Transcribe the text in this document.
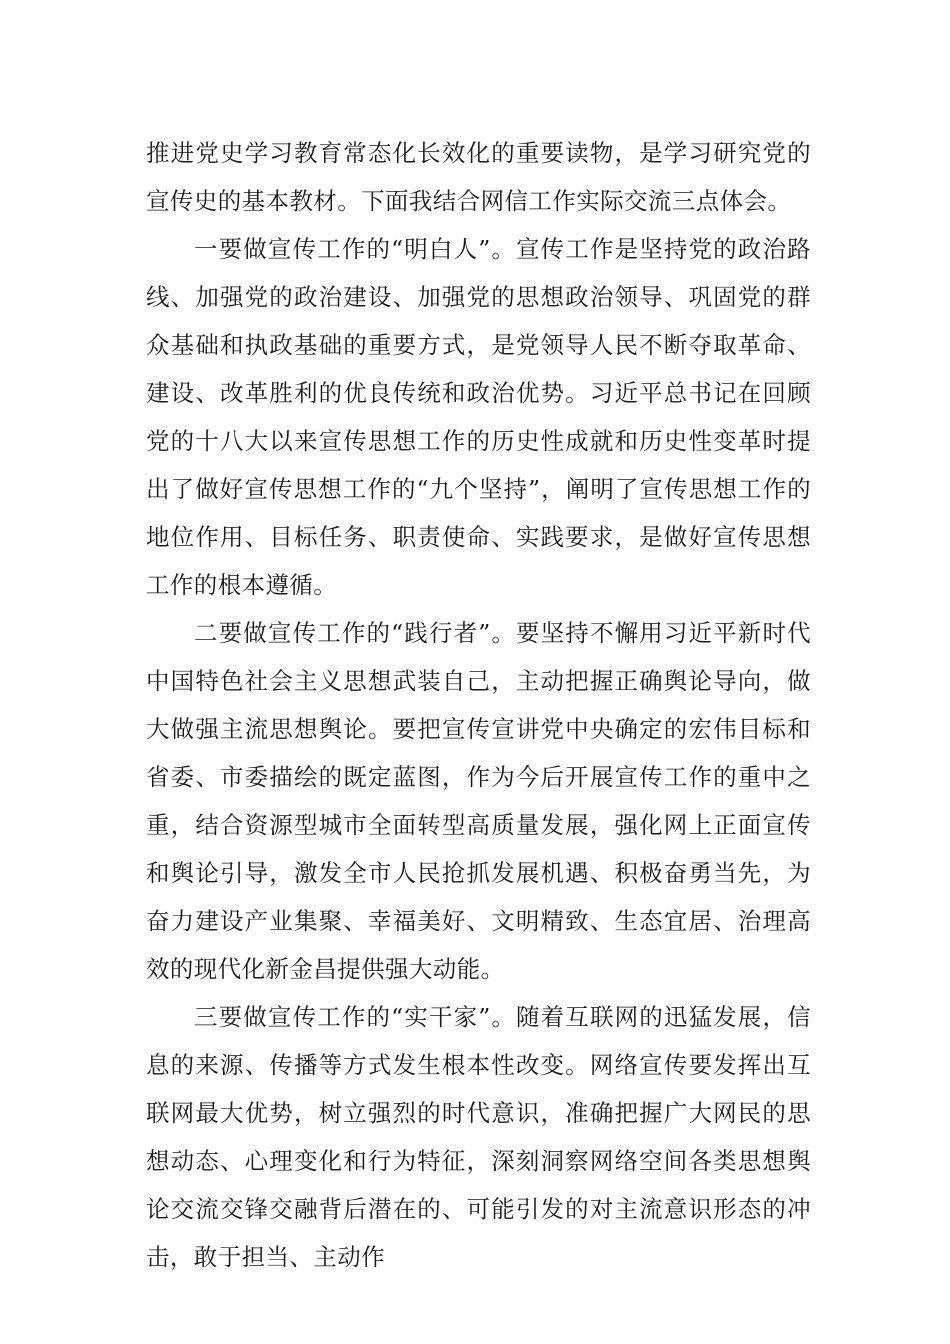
推进党史学习教育常态化长效化的重要读物，是学习研究党的宣传史的基本教材。下面我结合网信工作实际交流三点体会。

一要做宣传工作的“明白人”。宣传工作是坚持党的政治路线、加强党的政治建设、加强党的思想政治领导、巩固党的群众基础和执政基础的重要方式，是党领导人民不断夺取革命、建设、改革胜利的优良传统和政治优势。习近平总书记在回顾党的十八大以来宣传思想工作的历史性成就和历史性变革时提出了做好宣传思想工作的“九个坚持”，阐明了宣传思想工作的地位作用、目标任务、职责使命、实践要求，是做好宣传思想工作的根本遵循。

二要做宣传工作的“践行者”。要坚持不懈用习近平新时代中国特色社会主义思想武装自己，主动把握正确舆论导向，做大做强主流思想舆论。要把宣传宣讲党中央确定的宏伟目标和省委、市委描绘的既定蓝图，作为今后开展宣传工作的重中之重，结合资源型城市全面转型高质量发展，强化网上正面宣传和舆论引导，激发全市人民抢抓发展机遇、积极奋勇当先，为奋力建设产业集聚、幸福美好、文明精致、生态宜居、治理高效的现代化新金昌提供强大动能。

三要做宣传工作的“实干家”。随着互联网的迅猛发展，信息的来源、传播等方式发生根本性改变。网络宣传要发挥出互联网最大优势，树立强烈的时代意识，准确把握广大网民的思想动态、心理变化和行为特征，深刻洞察网络空间各类思想舆论交流交锋交融背后潜在的、可能引发的对主流意识形态的冲击，敢于担当、主动作
